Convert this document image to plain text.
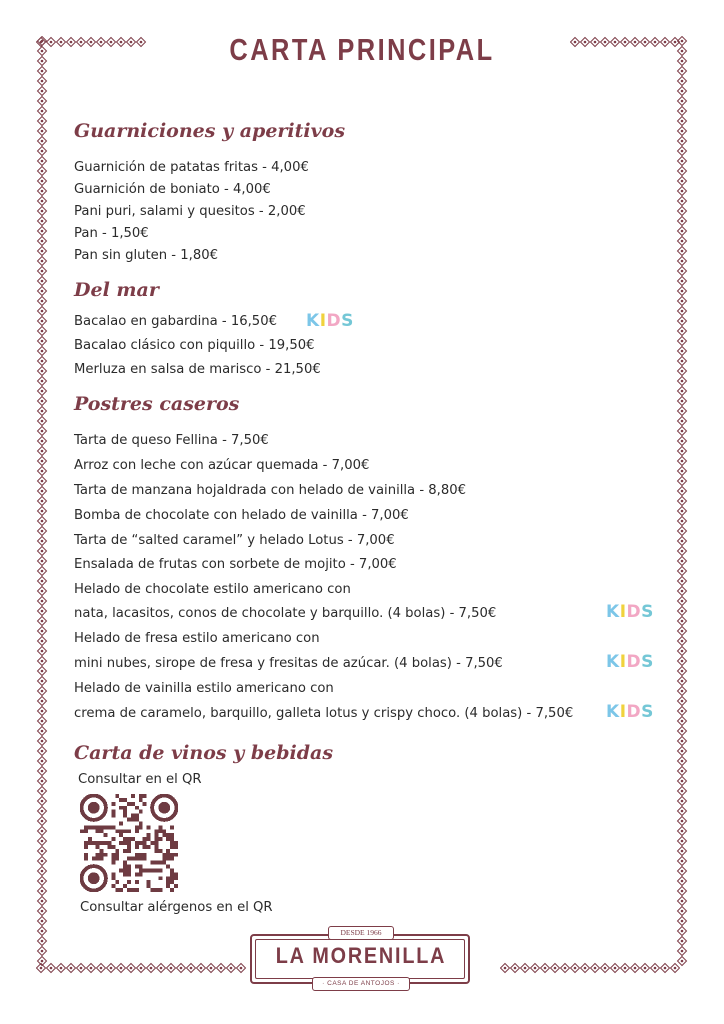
CARTA PRINCIPAL
Guarniciones y aperitivos
Guarnición de patatas fritas - 4,00€
Guarnición de boniato - 4,00€
Pani puri, salami y quesitos - 2,00€
Pan - 1,50€
Pan sin gluten - 1,80€
Del mar
Bacalao en gabardina - 16,50€ KIDS
Bacalao clásico con piquillo - 19,50€
Merluza en salsa de marisco - 21,50€
Postres caseros
Tarta de queso Fellina - 7,50€
Arroz con leche con azúcar quemada - 7,00€
Tarta de manzana hojaldrada con helado de vainilla - 8,80€
Bomba de chocolate con helado de vainilla - 7,00€
Tarta de “salted caramel” y helado Lotus - 7,00€
Ensalada de frutas con sorbete de mojito - 7,00€
Helado de chocolate estilo americano con
nata, lacasitos, conos de chocolate y barquillo. (4 bolas) - 7,50€	KIDS
Helado de fresa estilo americano con
mini nubes, sirope de fresa y fresitas de azúcar. (4 bolas) - 7,50€	KIDS
Helado de vainilla estilo americano con
crema de caramelo, barquillo, galleta lotus y crispy choco. (4 bolas) - 7,50€ KIDS
Carta de vinos y bebidas
Consultar en el QR
Consultar alérgenos en el QR
DESDE 1966
LA MORENILLA
· CASA DE ANTOJOS ·
